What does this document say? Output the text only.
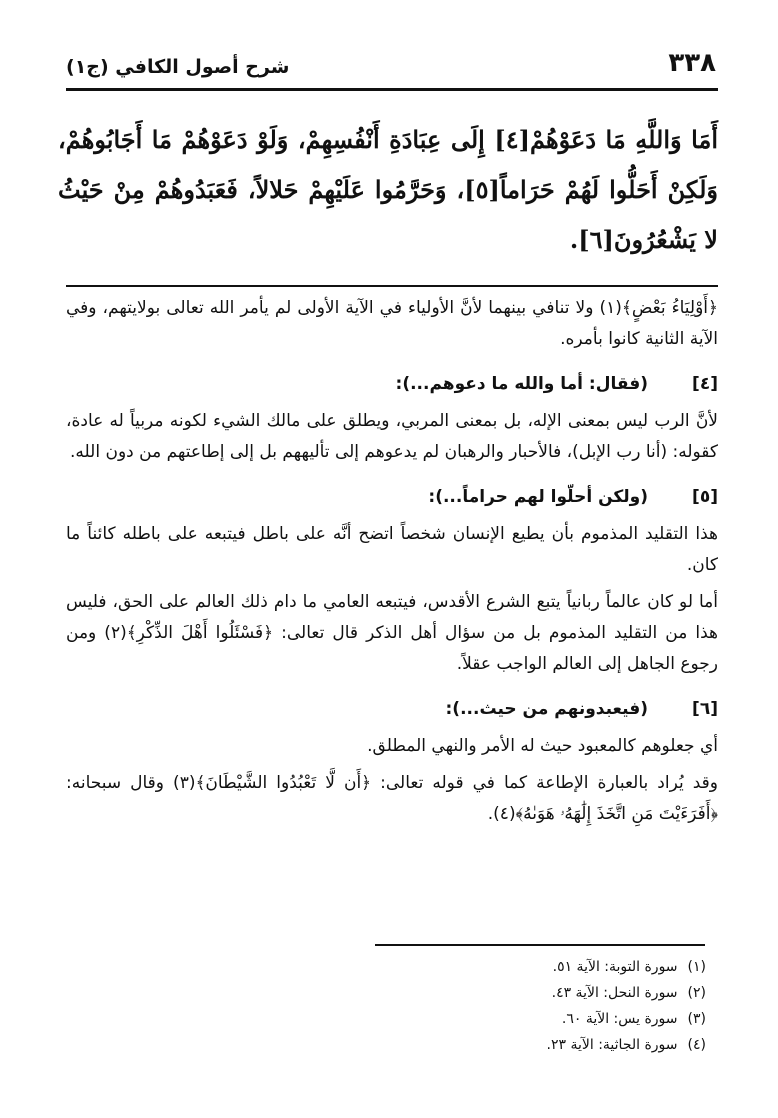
٣٣٨
شرح أصول الكافي (ج١)
أَمَا وَاللَّهِ مَا دَعَوْهُمْ[٤] إِلَى عِبَادَةِ أَنْفُسِهِمْ، وَلَوْ دَعَوْهُمْ مَا أَجَابُوهُمْ، وَلَكِنْ أَحَلُّوا لَهُمْ حَرَاماً[٥]، وَحَرَّمُوا عَلَيْهِمْ حَلالاً، فَعَبَدُوهُمْ مِنْ حَيْثُ لا يَشْعُرُونَ[٦].

﴿أَوْلِيَاءُ بَعْضٍ﴾(١) ولا تنافي بينهما لأنَّ الأولياء في الآية الأولى لم يأمر الله تعالى بولايتهم، وفي الآية الثانية كانوا بأمره.

[٤]
(فقال: أما والله ما دعوهم...):

لأنَّ الرب ليس بمعنى الإله، بل بمعنى المربي، ويطلق على مالك الشيء لكونه مربياً له عادة، كقوله: (أنا رب الإبل)، فالأحبار والرهبان لم يدعوهم إلى تأليههم بل إلى إطاعتهم من دون الله.

[٥]
(ولكن أحلّوا لهم حراماً...):

هذا التقليد المذموم بأن يطيع الإنسان شخصاً اتضح أنَّه على باطل فيتبعه على باطله كائناً ما كان.

أما لو كان عالماً ربانياً يتبع الشرع الأقدس، فيتبعه العامي ما دام ذلك العالم على الحق، فليس هذا من التقليد المذموم بل من سؤال أهل الذكر قال تعالى: ﴿فَسْئَلُوا أَهْلَ الذِّكْرِ﴾(٢) ومن رجوع الجاهل إلى العالم الواجب عقلاً.

[٦]
(فيعبدونهم من حيث...):

أي جعلوهم كالمعبود حيث له الأمر والنهي المطلق.

وقد يُراد بالعبارة الإطاعة كما في قوله تعالى: ﴿أَن لَّا تَعْبُدُوا الشَّيْطَانَ﴾(٣) وقال سبحانه: ﴿أَفَرَءَيْتَ مَنِ اتَّخَذَ إِلَٰهَهُۥ هَوَىٰهُ﴾(٤).

(١)
سورة التوبة: الآية ٥١.
(٢)
سورة النحل: الآية ٤٣.
(٣)
سورة يس: الآية ٦٠.
(٤)
سورة الجاثية: الآية ٢٣.
